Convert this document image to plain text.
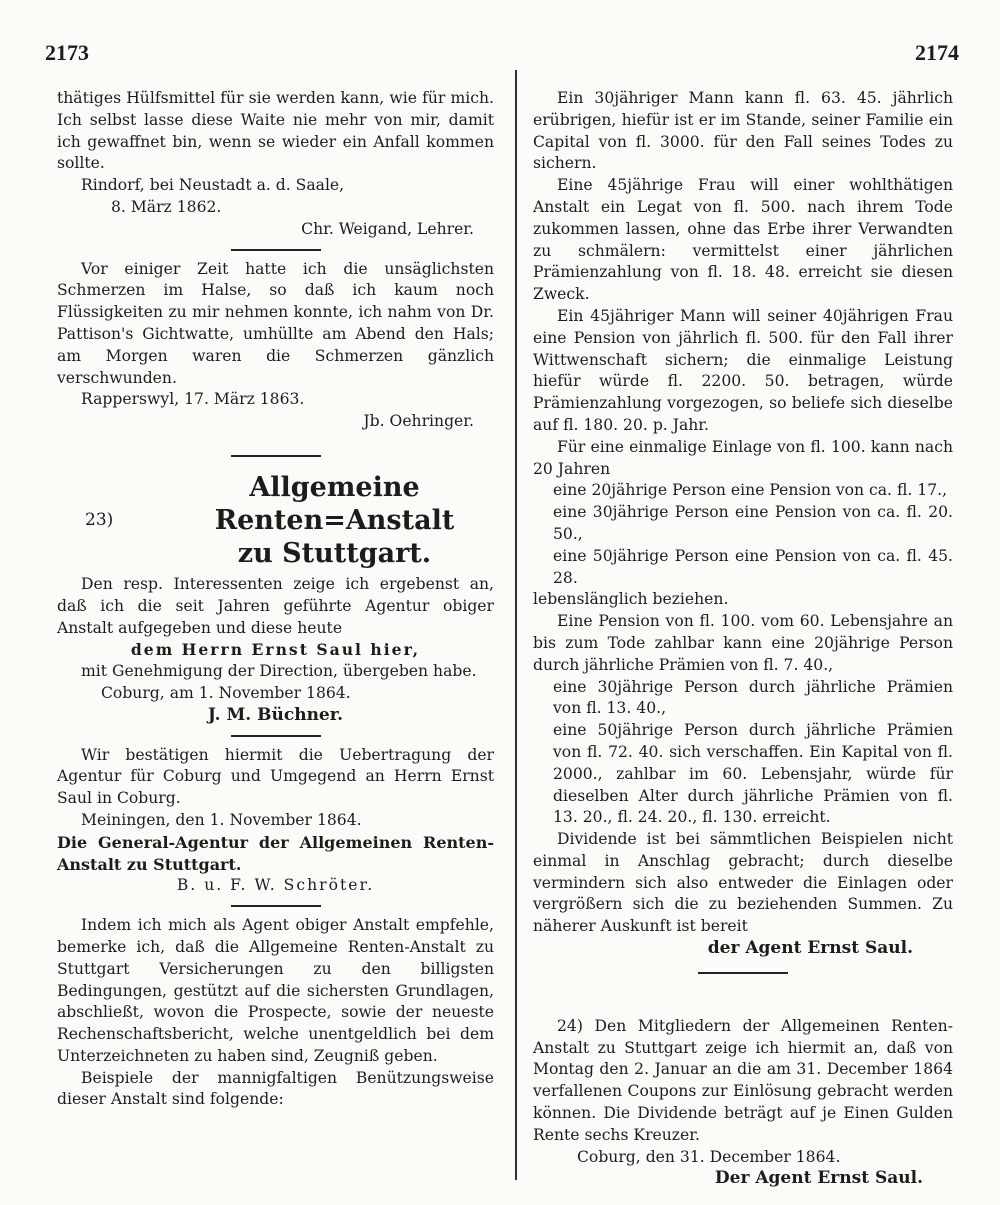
2173	2174

thätiges Hülfsmittel für sie werden kann, wie für mich. Ich selbst lasse diese Waite nie mehr von mir, damit ich gewaffnet bin, wenn se wieder ein Anfall kommen sollte.

Rindorf, bei Neustadt a. d. Saale,

8. März 1862.

Chr. Weigand, Lehrer.

Vor einiger Zeit hatte ich die unsäglichsten Schmerzen im Halse, so daß ich kaum noch Flüssigkeiten zu mir nehmen konnte, ich nahm von Dr. Pattison's Gichtwatte, umhüllte am Abend den Hals; am Morgen waren die Schmerzen gänzlich verschwunden.

Rapperswyl, 17. März 1863.

Jb. Oehringer.

23)
Allgemeine Renten=Anstalt
zu Stuttgart.

Den resp. Interessenten zeige ich ergebenst an, daß ich die seit Jahren geführte Agentur obiger Anstalt aufgegeben und diese heute

dem Herrn Ernst Saul hier,

mit Genehmigung der Direction, übergeben habe.

Coburg, am 1. November 1864.

J. M. Büchner.

Wir bestätigen hiermit die Uebertragung der Agentur für Coburg und Umgegend an Herrn Ernst Saul in Coburg.

Meiningen, den 1. November 1864.

Die General-Agentur der Allgemeinen Renten-Anstalt zu Stuttgart.

B. u. F. W. Schröter.

Indem ich mich als Agent obiger Anstalt empfehle, bemerke ich, daß die Allgemeine Renten-Anstalt zu Stuttgart Versicherungen zu den billigsten Bedingungen, gestützt auf die sichersten Grundlagen, abschließt, wovon die Prospecte, sowie der neueste Rechenschaftsbericht, welche unentgeldlich bei dem Unterzeichneten zu haben sind, Zeugniß geben.

Beispiele der mannigfaltigen Benützungsweise dieser Anstalt sind folgende:

Ein 30jähriger Mann kann fl. 63. 45. jährlich erübrigen, hiefür ist er im Stande, seiner Familie ein Capital von fl. 3000. für den Fall seines Todes zu sichern.

Eine 45jährige Frau will einer wohlthätigen Anstalt ein Legat von fl. 500. nach ihrem Tode zukommen lassen, ohne das Erbe ihrer Verwandten zu schmälern: vermittelst einer jährlichen Prämienzahlung von fl. 18. 48. erreicht sie diesen Zweck.

Ein 45jähriger Mann will seiner 40jährigen Frau eine Pension von jährlich fl. 500. für den Fall ihrer Wittwenschaft sichern; die einmalige Leistung hiefür würde fl. 2200. 50. betragen, würde Prämienzahlung vorgezogen, so beliefe sich dieselbe auf fl. 180. 20. p. Jahr.

Für eine einmalige Einlage von fl. 100. kann nach 20 Jahren

eine 20jährige Person eine Pension von ca. fl. 17.,

eine 30jährige Person eine Pension von ca. fl. 20. 50.,

eine 50jährige Person eine Pension von ca. fl. 45. 28.

lebenslänglich beziehen.

Eine Pension von fl. 100. vom 60. Lebensjahre an bis zum Tode zahlbar kann eine 20jährige Person durch jährliche Prämien von fl. 7. 40.,

eine 30jährige Person durch jährliche Prämien von fl. 13. 40.,

eine 50jährige Person durch jährliche Prämien von fl. 72. 40. sich verschaffen. Ein Kapital von fl. 2000., zahlbar im 60. Lebensjahr, würde für dieselben Alter durch jährliche Prämien von fl. 13. 20., fl. 24. 20., fl. 130. erreicht.

Dividende ist bei sämmtlichen Beispielen nicht einmal in Anschlag gebracht; durch dieselbe vermindern sich also entweder die Einlagen oder vergrößern sich die zu beziehenden Summen. Zu näherer Auskunft ist bereit

der Agent Ernst Saul.

24) Den Mitgliedern der Allgemeinen Renten-Anstalt zu Stuttgart zeige ich hiermit an, daß von Montag den 2. Januar an die am 31. December 1864 verfallenen Coupons zur Einlösung gebracht werden können. Die Dividende beträgt auf je Einen Gulden Rente sechs Kreuzer.

Coburg, den 31. December 1864.

Der Agent Ernst Saul.
